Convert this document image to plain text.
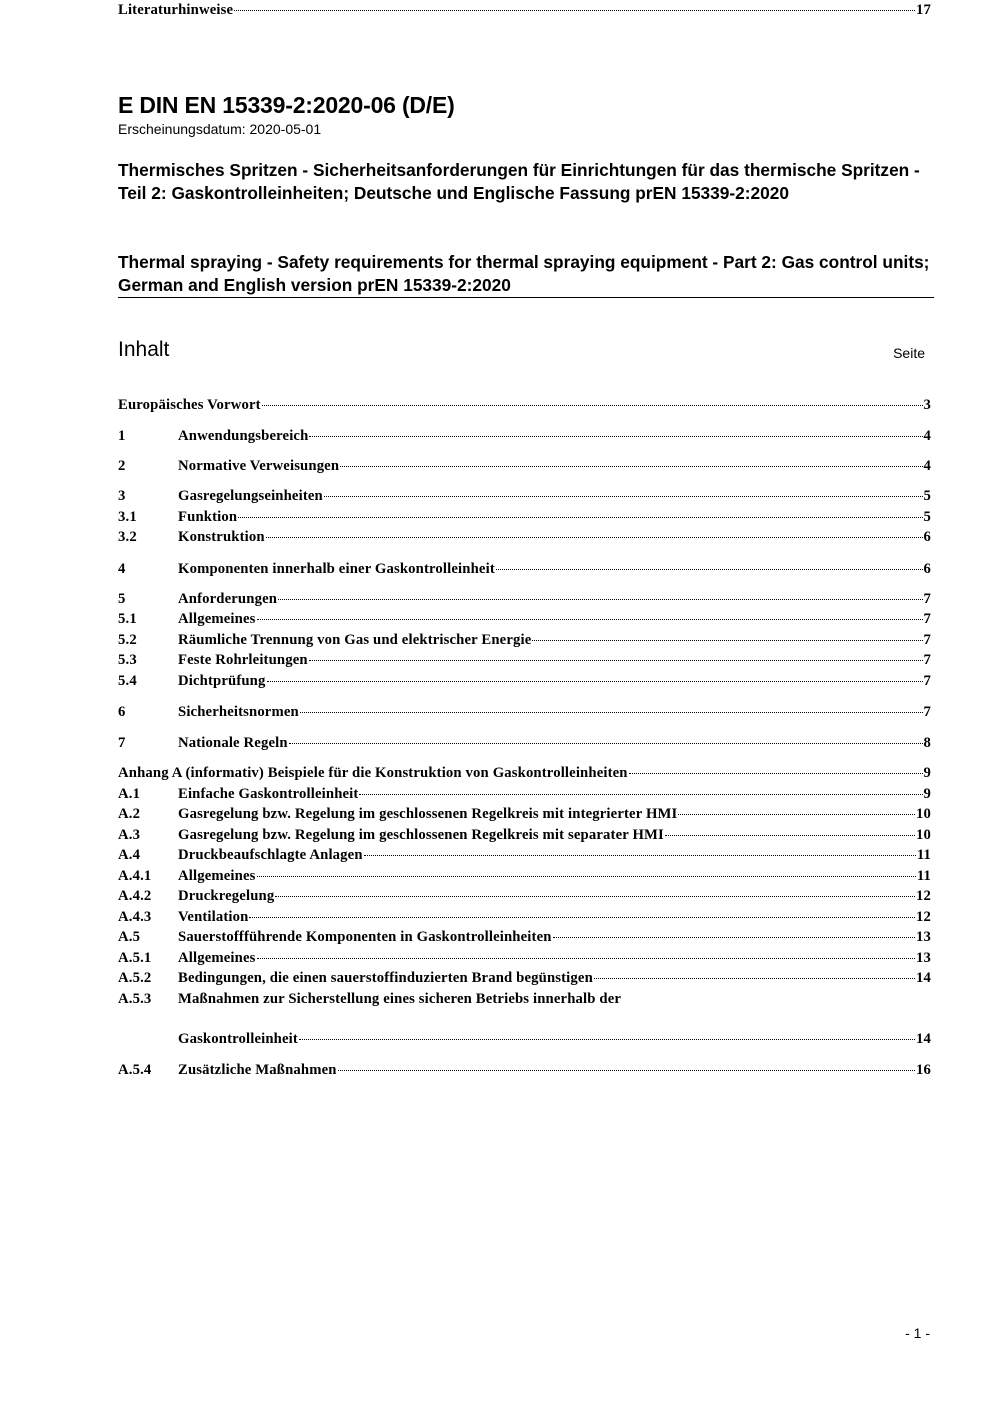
E DIN EN 15339-2:2020-06 (D/E)
Erscheinungsdatum: 2020-05-01
Thermisches Spritzen - Sicherheitsanforderungen für Einrichtungen für das thermische Spritzen - Teil 2: Gaskontrolleinheiten; Deutsche und Englische Fassung prEN 15339-2:2020
Thermal spraying - Safety requirements for thermal spraying equipment - Part 2: Gas control units; German and English version prEN 15339-2:2020
Inhalt	Seite
Europäisches Vorwort	3
1	Anwendungsbereich	4
2	Normative Verweisungen	4
3	Gasregelungseinheiten	5
3.1	Funktion	5
3.2	Konstruktion	6
4	Komponenten innerhalb einer Gaskontrolleinheit	6
5	Anforderungen	7
5.1	Allgemeines	7
5.2	Räumliche Trennung von Gas und elektrischer Energie	7
5.3	Feste Rohrleitungen	7
5.4	Dichtprüfung	7
6	Sicherheitsnormen	7
7	Nationale Regeln	8
Anhang A (informativ) Beispiele für die Konstruktion von Gaskontrolleinheiten	9
A.1	Einfache Gaskontrolleinheit	9
A.2	Gasregelung bzw. Regelung im geschlossenen Regelkreis mit integrierter HMI	10
A.3	Gasregelung bzw. Regelung im geschlossenen Regelkreis mit separater HMI	10
A.4	Druckbeaufschlagte Anlagen	11
A.4.1	Allgemeines	11
A.4.2	Druckregelung	12
A.4.3	Ventilation	12
A.5	Sauerstoffführende Komponenten in Gaskontrolleinheiten	13
A.5.1	Allgemeines	13
A.5.2	Bedingungen, die einen sauerstoffinduzierten Brand begünstigen	14
A.5.3	Maßnahmen zur Sicherstellung eines sicheren Betriebs innerhalb der
Gaskontrolleinheit	14
A.5.4	Zusätzliche Maßnahmen	16
Literaturhinweise	17
- 1 -
